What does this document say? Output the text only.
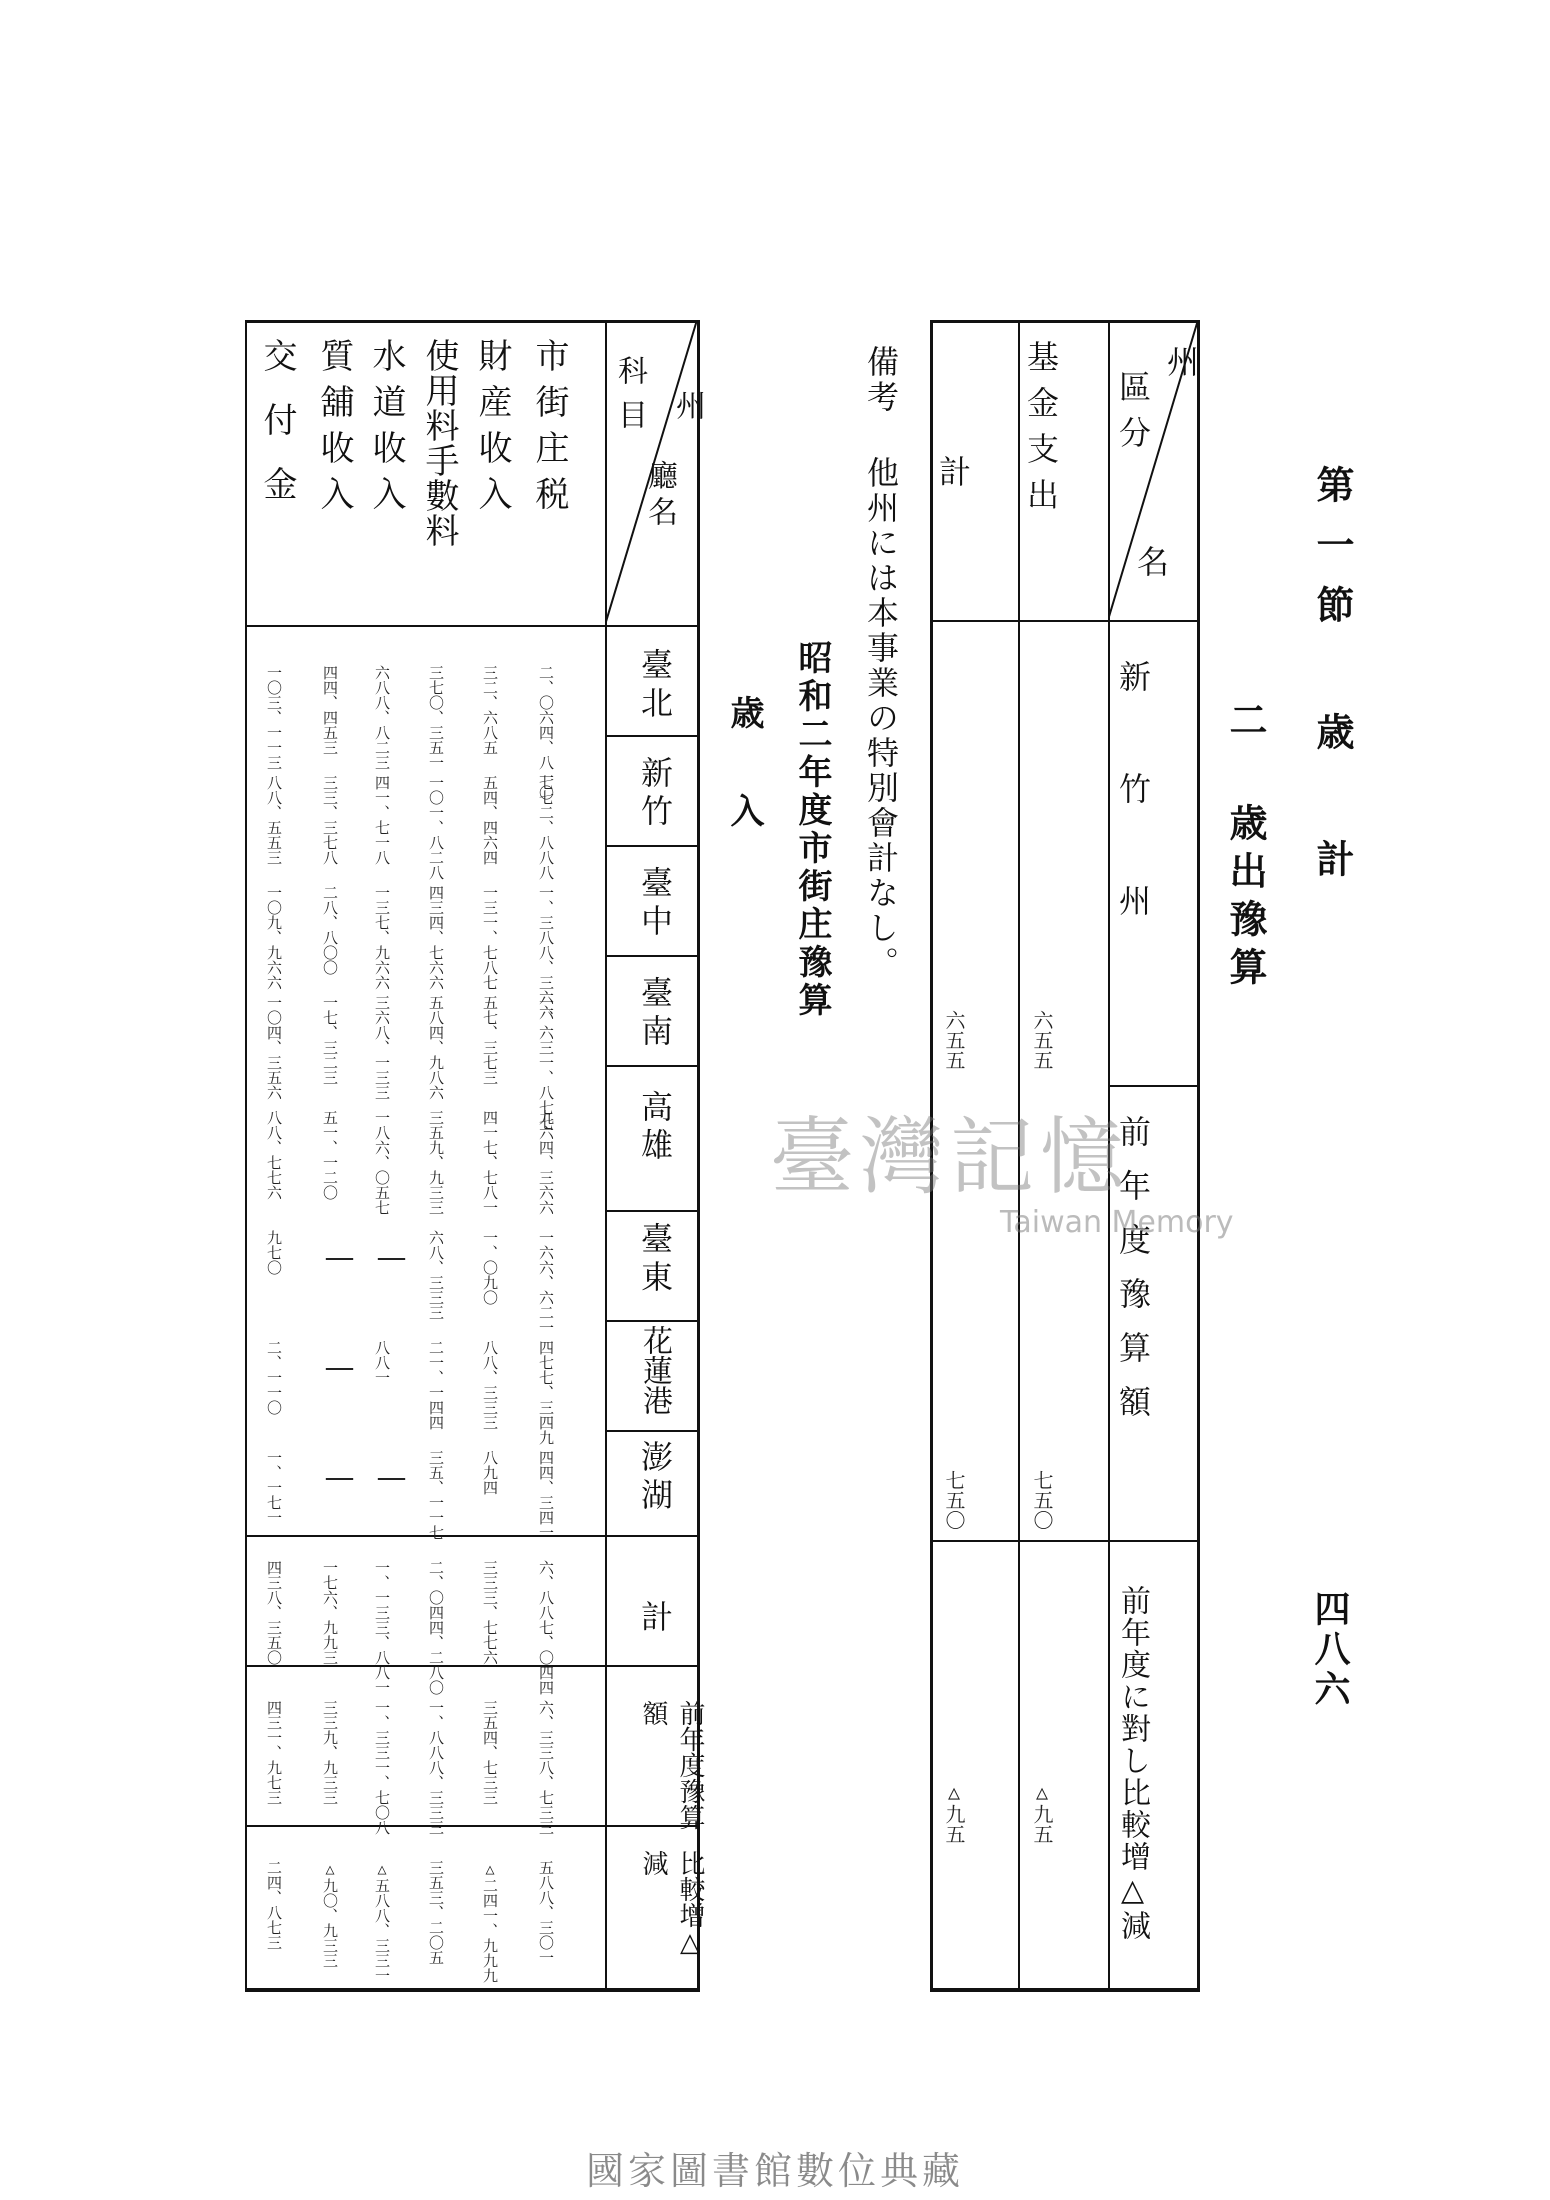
第一節 歳 計
二 歳出豫算
四八六
州
名
區分
基金支出
計
新竹州
前年度豫算額
前年度に對し比較增△減
六五五
六五五
七五〇
七五〇
△九五
△九五
備考 他州には本事業の特別會計なし。
昭和二年度市街庄豫算
歳 入
州
廳名
科目
市街庄税
財産收入
使用料手數料
水道收入
質舖收入
交付金
臺北
新竹
臺中
臺南
高雄
臺東
花蓮港
澎湖
計
前年度豫算額
比較增△減
二、〇六四、八一〇
三二、六八五
三七〇、三五一
六八八、八二三
四四、四五三
一〇三、一一三
七七二、八八八
五四、四六四
一〇一、八二八
四一、七一八
三三、三七八
八八、五五三
一、三八八、三六六
一三一、七八七
四三四、七六六
一三七、九六六
二八、八〇〇
一〇九、九六六
一、六三一、八七七
五七、三七三
五八四、九八六
三六八、一三三
一七、三二三
一〇四、三五六
九六四、三六六
四一七、七八一
三五九、九三三
一八六、〇五七
五一、一二〇
八八、七七六
一六六、六二一
一、〇九〇
六八、三三三
—
—
九七〇
四七七、三四九
八八、三三三
二一、一四四
八八一
—
二、一一〇
四四、三四一
八九四
三五、一一七
—
—
一、一七一
六、八八七、〇四四
三三三、七七六
二、〇四四、二八〇
一、一三三、八八一
一七六、九九三
四三八、三五〇
六、三三八、七三三
三五四、七三三
一、八八八、三三三
一、三三一、七〇八
三三九、九三三
四三一、九七三
五八八、三〇一
△二四一、九九九
三五三、二〇五
△五八八、三三一
△九〇、九三三
二四、八七三
臺灣記憶
Taiwan Memory
國家圖書館數位典藏
